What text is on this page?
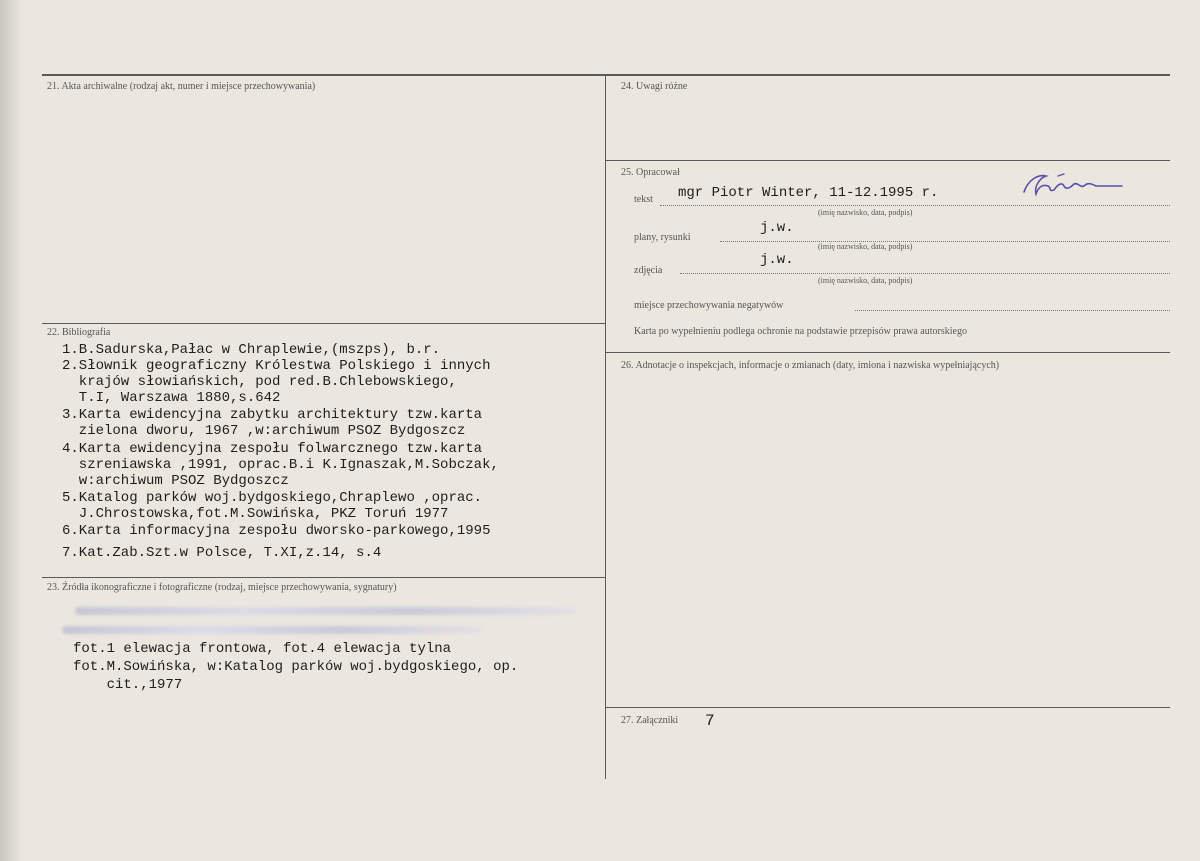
21. Akta archiwalne (rodzaj akt, numer i miejsce przechowywania)
22. Bibliografia
1.B.Sadurska,Pałac w Chraplewie,(mszps), b.r.
2.Słownik geograficzny Królestwa Polskiego i innych
krajów słowiańskich, pod red.B.Chlebowskiego,
T.I, Warszawa 1880,s.642
3.Karta ewidencyjna zabytku architektury tzw.karta
zielona dworu, 1967 ,w:archiwum PSOZ Bydgoszcz
4.Karta ewidencyjna zespołu folwarcznego tzw.karta
szreniawska ,1991, oprac.B.i K.Ignaszak,M.Sobczak,
w:archiwum PSOZ Bydgoszcz
5.Katalog parków woj.bydgoskiego,Chraplewo ,oprac.
J.Chrostowska,fot.M.Sowińska, PKZ Toruń 1977
6.Karta informacyjna zespołu dworsko-parkowego,1995
7.Kat.Zab.Szt.w Polsce, T.XI,z.14, s.4
23. Źródła ikonograficzne i fotograficzne (rodzaj, miejsce przechowywania, sygnatury)
fot.1 elewacja frontowa, fot.4 elewacja tylna
fot.M.Sowińska, w:Katalog parków woj.bydgoskiego, op.
cit.,1977
24. Uwagi różne
25. Opracował
tekst mgr Piotr Winter, 11-12.1995 r.
(imię nazwisko, data, podpis)
plany, rysunki
j.w.
(imię nazwisko, data, podpis)
zdjęcia
j.w.
(imię nazwisko, data, podpis)
miejsce przechowywania negatywów
Karta po wypełnieniu podlega ochronie na podstawie przepisów prawa autorskiego
26. Adnotacje o inspekcjach, informacje o zmianach (daty, imiona i nazwiska wypełniających)
27. Załączniki 7
